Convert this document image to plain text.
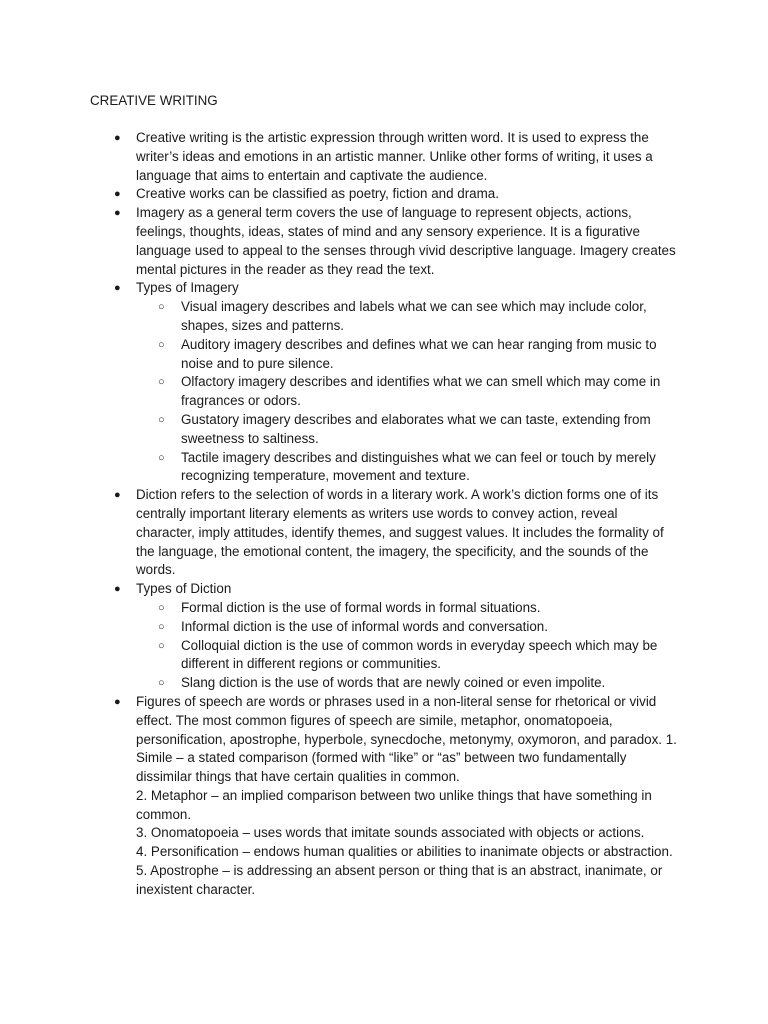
CREATIVE WRITING
● Creative writing is the artistic expression through written word. It is used to express the writer’s ideas and emotions in an artistic manner. Unlike other forms of writing, it uses a language that aims to entertain and captivate the audience.
● Creative works can be classified as poetry, fiction and drama.
● Imagery as a general term covers the use of language to represent objects, actions, feelings, thoughts, ideas, states of mind and any sensory experience. It is a figurative language used to appeal to the senses through vivid descriptive language. Imagery creates mental pictures in the reader as they read the text.
● Types of Imagery
○ Visual imagery describes and labels what we can see which may include color, shapes, sizes and patterns.
○ Auditory imagery describes and defines what we can hear ranging from music to noise and to pure silence.
○ Olfactory imagery describes and identifies what we can smell which may come in fragrances or odors.
○ Gustatory imagery describes and elaborates what we can taste, extending from sweetness to saltiness.
○ Tactile imagery describes and distinguishes what we can feel or touch by merely recognizing temperature, movement and texture.
● Diction refers to the selection of words in a literary work. A work’s diction forms one of its centrally important literary elements as writers use words to convey action, reveal character, imply attitudes, identify themes, and suggest values. It includes the formality of the language, the emotional content, the imagery, the specificity, and the sounds of the words.
● Types of Diction
○ Formal diction is the use of formal words in formal situations.
○ Informal diction is the use of informal words and conversation.
○ Colloquial diction is the use of common words in everyday speech which may be different in different regions or communities.
○ Slang diction is the use of words that are newly coined or even impolite.
● Figures of speech are words or phrases used in a non-literal sense for rhetorical or vivid effect. The most common figures of speech are simile, metaphor, onomatopoeia, personification, apostrophe, hyperbole, synecdoche, metonymy, oxymoron, and paradox. 1. Simile – a stated comparison (formed with “like” or “as” between two fundamentally dissimilar things that have certain qualities in common.

2. Metaphor – an implied comparison between two unlike things that have something in common.

3. Onomatopoeia – uses words that imitate sounds associated with objects or actions.

4. Personification – endows human qualities or abilities to inanimate objects or abstraction.

5. Apostrophe – is addressing an absent person or thing that is an abstract, inanimate, or inexistent character.
